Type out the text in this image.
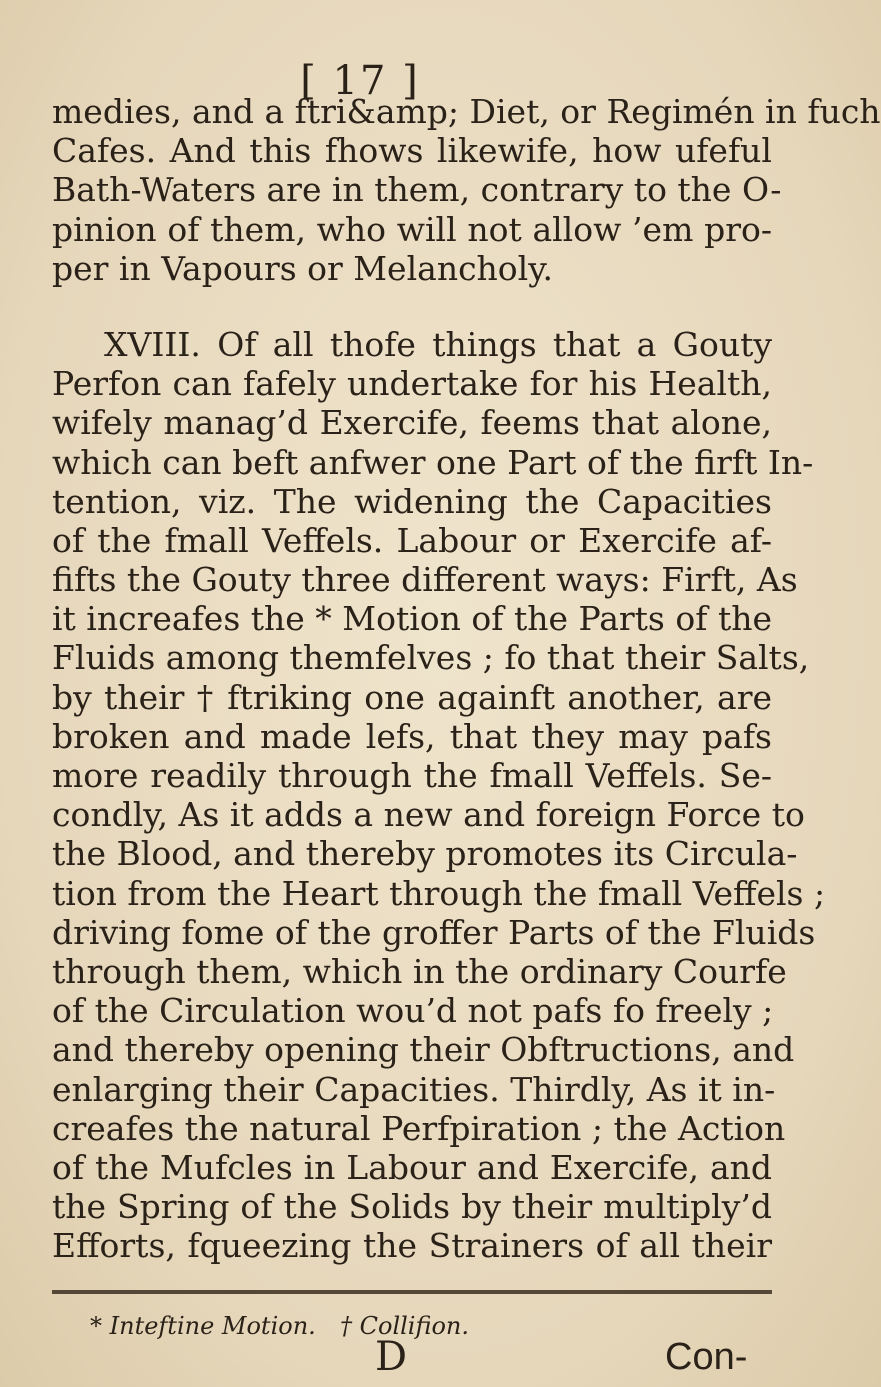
[ 17 ]
medies, and a ftri&amp; Diet, or Regimén in fuch
Cafes. And this fhows likewife, how ufeful
Bath-Waters are in them, contrary to the O-
pinion of them, who will not allow ’em pro-
per in Vapours or Melancholy.
XVIII. Of all thofe things that a Gouty
Perfon can fafely undertake for his Health,
wifely manag’d Exercife, feems that alone,
which can beft anfwer one Part of the firft In-
tention, viz. The widening the Capacities
of the fmall Veffels. Labour or Exercife af-
fifts the Gouty three different ways: Firft, As
it increafes the * Motion of the Parts of the
Fluids among themfelves ; fo that their Salts,
by their † ftriking one againft another, are
broken and made lefs, that they may pafs
more readily through the fmall Veffels. Se-
condly, As it adds a new and foreign Force to
the Blood, and thereby promotes its Circula-
tion from the Heart through the fmall Veffels ;
driving fome of the groffer Parts of the Fluids
through them, which in the ordinary Courfe
of the Circulation wou’d not pafs fo freely ;
and thereby opening their Obftructions, and
enlarging their Capacities. Thirdly, As it in-
creafes the natural Perfpiration ; the Action
of the Mufcles in Labour and Exercife, and
the Spring of the Solids by their multiply’d
Efforts, fqueezing the Strainers of all their
* Inteftine Motion. † Collifion.
D	Con-
